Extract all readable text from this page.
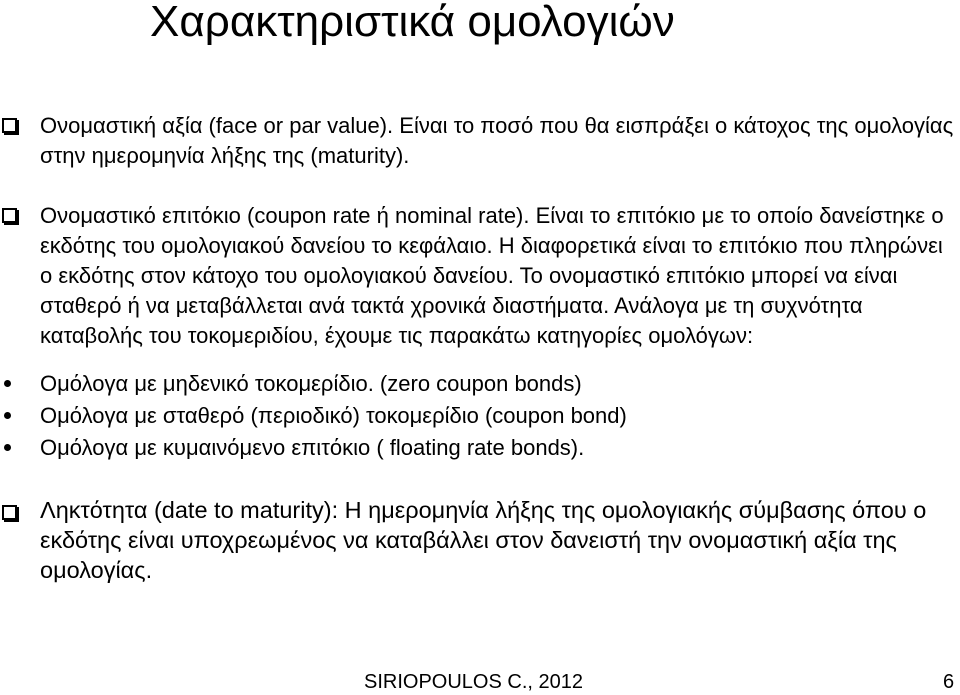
Χαρακτηριστικά ομολογιών
Ονομαστική αξία (face or par value). Είναι το ποσό που θα εισπράξει ο κάτοχος της ομολογίας στην ημερομηνία λήξης της (maturity).
Ονομαστικό επιτόκιο (coupon rate ή nominal rate). Είναι το επιτόκιο με το οποίο δανείστηκε ο εκδότης του ομολογιακού δανείου το κεφάλαιο. Η διαφορετικά είναι το επιτόκιο που πληρώνει ο εκδότης στον κάτοχο του ομολογιακού δανείου. Το ονομαστικό επιτόκιο μπορεί να είναι σταθερό ή να μεταβάλλεται ανά τακτά χρονικά διαστήματα. Ανάλογα με τη συχνότητα καταβολής του τοκομεριδίου, έχουμε τις παρακάτω κατηγορίες ομολόγων:
Ομόλογα με μηδενικό τοκομερίδιο. (zero coupon bonds)
Ομόλογα με σταθερό (περιοδικό) τοκομερίδιο (coupon bond)
Ομόλογα με κυμαινόμενο επιτόκιο ( floating rate bonds).
Ληκτότητα (date to maturity): Η ημερομηνία λήξης της ομολογιακής σύμβασης όπου ο εκδότης είναι υποχρεωμένος να καταβάλλει στον δανειστή την ονομαστική αξία της ομολογίας.
SIRIOPOULOS C., 2012	6
